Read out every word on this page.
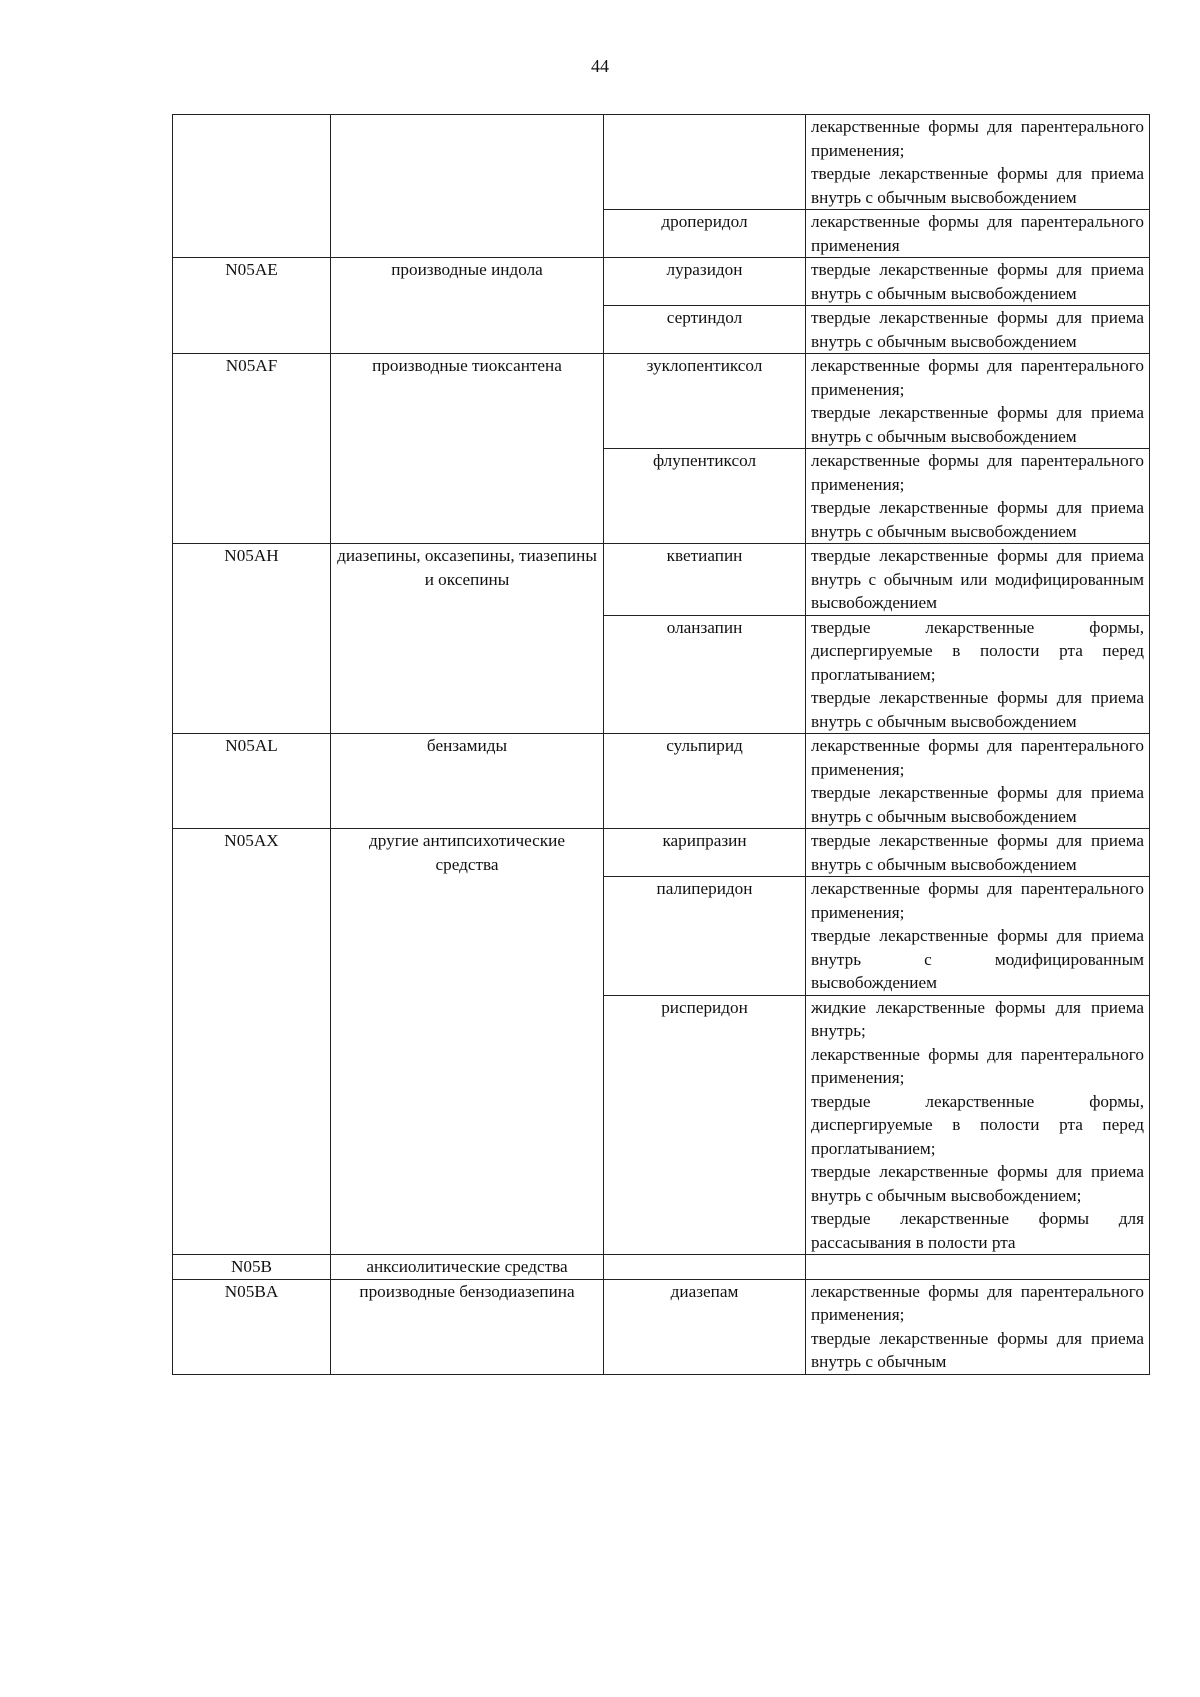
44

			лекарственные формы для парентерального применения;
твердые лекарственные формы для приема внутрь с обычным высвобождением

		дроперидол	лекарственные формы для парентерального применения

N05AE	производные индола	луразидон	твердые лекарственные формы для приема внутрь с обычным высвобождением

		сертиндол	твердые лекарственные формы для приема внутрь с обычным высвобождением

N05AF	производные тиоксантена	зуклопентиксол	лекарственные формы для парентерального применения;
твердые лекарственные формы для приема внутрь с обычным высвобождением

		флупентиксол	лекарственные формы для парентерального применения;
твердые лекарственные формы для приема внутрь с обычным высвобождением

N05AH	диазепины, оксазепины, тиазепины и оксепины	кветиапин	твердые лекарственные формы для приема внутрь с обычным или модифицированным высвобождением

		оланзапин	твердые лекарственные формы, диспергируемые в полости рта перед проглатыванием;
твердые лекарственные формы для приема внутрь с обычным высвобождением

N05AL	бензамиды	сульпирид	лекарственные формы для парентерального применения;
твердые лекарственные формы для приема внутрь с обычным высвобождением

N05AX	другие антипсихотические средства	карипразин	твердые лекарственные формы для приема внутрь с обычным высвобождением

		палиперидон	лекарственные формы для парентерального применения;
твердые лекарственные формы для приема внутрь с модифицированным высвобождением

		рисперидон	жидкие лекарственные формы для приема внутрь;
лекарственные формы для парентерального применения;
твердые лекарственные формы, диспергируемые в полости рта перед проглатыванием;
твердые лекарственные формы для приема внутрь с обычным высвобождением;
твердые лекарственные формы для рассасывания в полости рта

N05B	анксиолитические средства		
N05BA	производные бензодиазепина	диазепам	лекарственные формы для парентерального применения;
твердые лекарственные формы для приема внутрь с обычным
